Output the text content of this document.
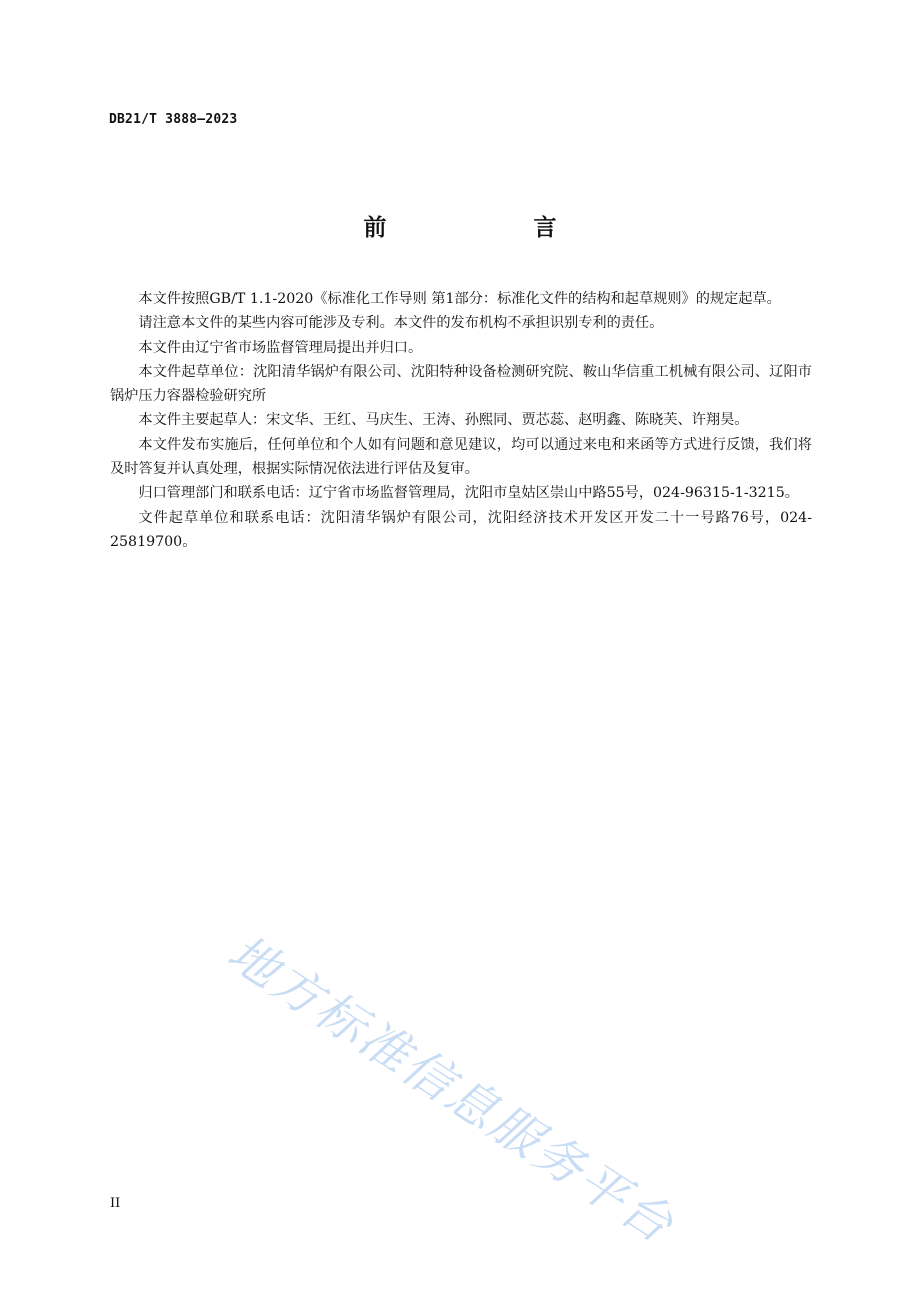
DB21/T 3888—2023
前　言

本文件按照GB/T 1.1-2020《标准化工作导则 第1部分：标准化文件的结构和起草规则》的规定起草。

请注意本文件的某些内容可能涉及专利。本文件的发布机构不承担识别专利的责任。

本文件由辽宁省市场监督管理局提出并归口。

本文件起草单位：沈阳清华锅炉有限公司、沈阳特种设备检测研究院、鞍山华信重工机械有限公司、辽阳市锅炉压力容器检验研究所

本文件主要起草人：宋文华、王红、马庆生、王涛、孙熙同、贾芯蕊、赵明鑫、陈晓芙、许翔昊。

本文件发布实施后，任何单位和个人如有问题和意见建议，均可以通过来电和来函等方式进行反馈，我们将及时答复并认真处理，根据实际情况依法进行评估及复审。

归口管理部门和联系电话：辽宁省市场监督管理局，沈阳市皇姑区崇山中路55号，024-96315-1-3215。

文件起草单位和联系电话：沈阳清华锅炉有限公司，沈阳经济技术开发区开发二十一号路76号，024-25819700。

地方标准信息服务平台
II
